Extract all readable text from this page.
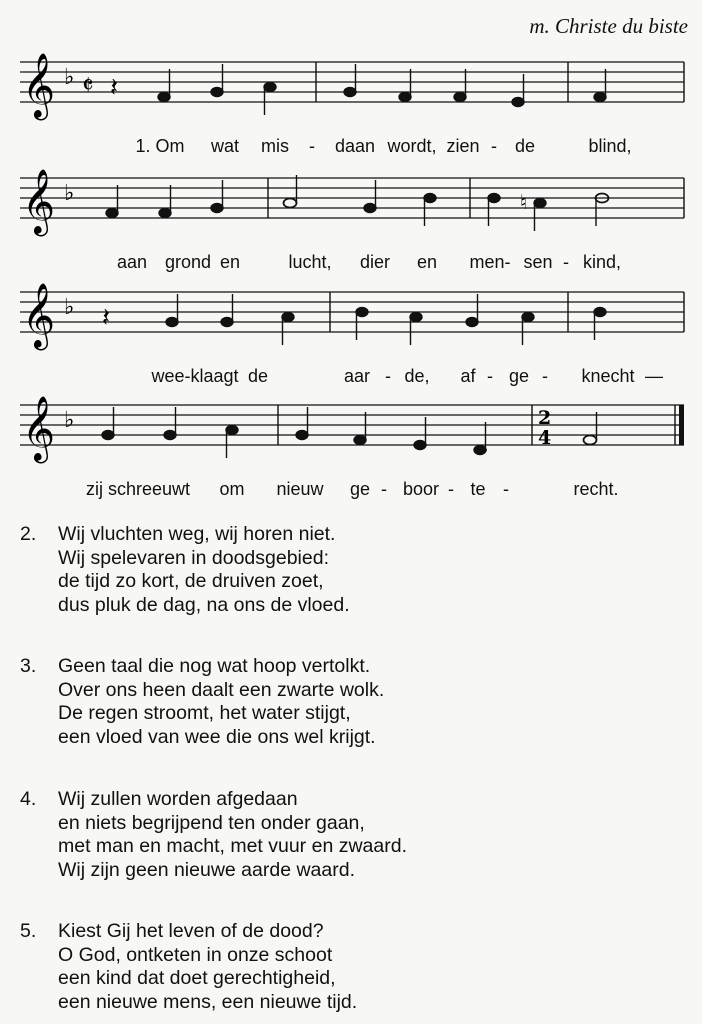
m. Christe du biste
𝄞 ♭ 𝄵 𝄽
1. Om wat mis - daan wordt, zien - de	blind,
𝄞 ♭	♮
aan grond en	lucht, dier en men- sen - kind,
𝄞 ♭ 𝄽
wee-klaagt de	aar - de, af - ge - knecht —
𝄞 ♭	2
4
zij schreeuwt om nieuw ge - boor - te -	recht.
2. Wij vluchten weg, wij horen niet.
Wij spelevaren in doodsgebied:
de tijd zo kort, de druiven zoet,
dus pluk de dag, na ons de vloed.
3. Geen taal die nog wat hoop vertolkt.
Over ons heen daalt een zwarte wolk.
De regen stroomt, het water stijgt,
een vloed van wee die ons wel krijgt.
4. Wij zullen worden afgedaan
en niets begrijpend ten onder gaan,
met man en macht, met vuur en zwaard.
Wij zijn geen nieuwe aarde waard.
5. Kiest Gij het leven of de dood?
O God, ontketen in onze schoot
een kind dat doet gerechtigheid,
een nieuwe mens, een nieuwe tijd.
